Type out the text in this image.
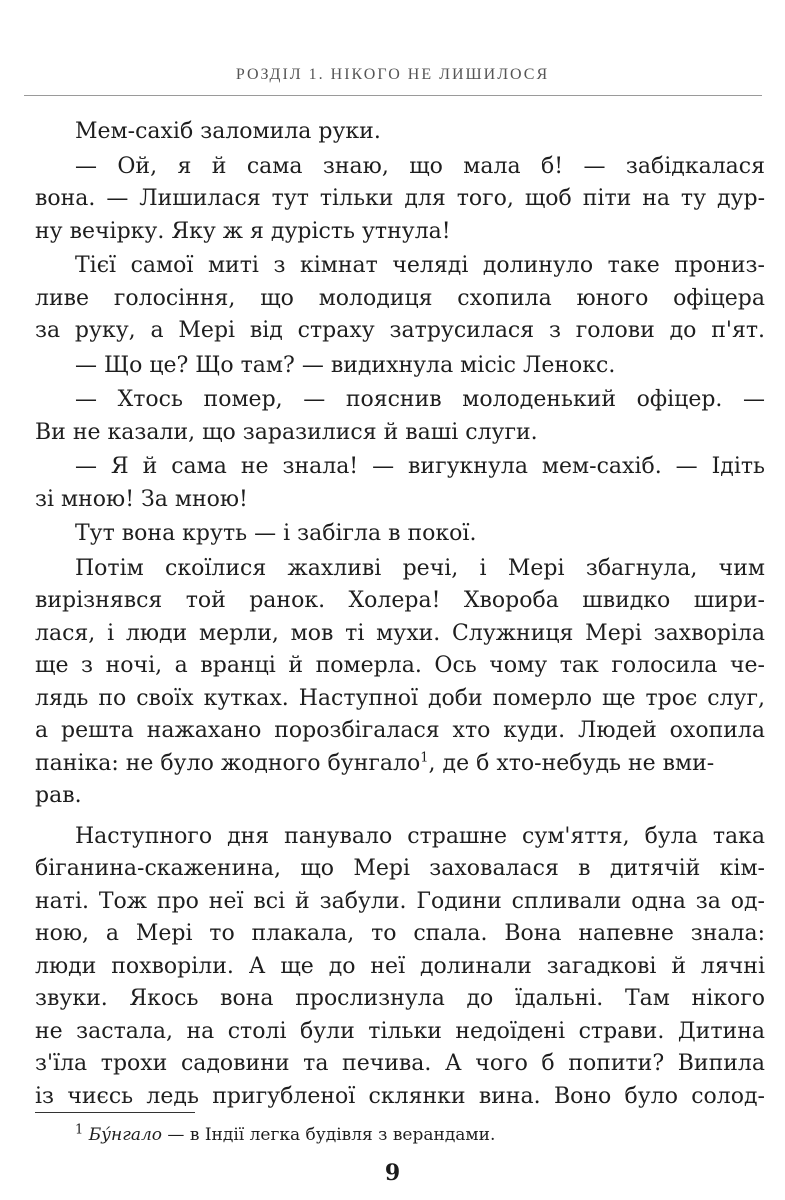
РОЗДІЛ 1. НІКОГО НЕ ЛИШИЛОСЯ
Мем-сахіб заломила руки.
— Ой, я й сама знаю, що мала б! — забідкалася
вона. — Лишилася тут тільки для того, щоб піти на ту дур-
ну вечірку. Яку ж я дурість утнула!
Тієї самої миті з кімнат челяді долинуло таке прониз-
ливе голосіння, що молодиця схопила юного офіцера
за руку, а Мері від страху затрусилася з голови до п'ят.
— Що це? Що там? — видихнула місіс Ленокс.
— Хтось помер, — пояснив молоденький офіцер. —
Ви не казали, що заразилися й ваші слуги.
— Я й сама не знала! — вигукнула мем-сахіб. — Ідіть
зі мною! За мною!
Тут вона круть — і забігла в покої.
Потім скоїлися жахливі речі, і Мері збагнула, чим
вирізнявся той ранок. Холера! Хвороба швидко шири-
лася, і люди мерли, мов ті мухи. Служниця Мері захворіла
ще з ночі, а вранці й померла. Ось чому так голосила че-
лядь по своїх кутках. Наступної доби померло ще троє слуг,
а решта нажахано порозбігалася хто куди. Людей охопила
паніка: не було жодного бунгало$^1$, де б хто-небудь не вми-
рав.
Наступного дня панувало страшне сум'яття, була така
біганина-скаженина, що Мері заховалася в дитячій кім-
наті. Тож про неї всі й забули. Години спливали одна за од-
ною, а Мері то плакала, то спала. Вона напевне знала:
люди похворіли. А ще до неї долинали загадкові й лячні
звуки. Якось вона прослизнула до їдальні. Там нікого
не застала, на столі були тільки недоїдені страви. Дитина
з'їла трохи садовини та печива. А чого б попити? Випила
із чиєсь ледь пригубленої склянки вина. Воно було солод-
$^1$ Бу́нгало — в Індії легка будівля з верандами.
9
